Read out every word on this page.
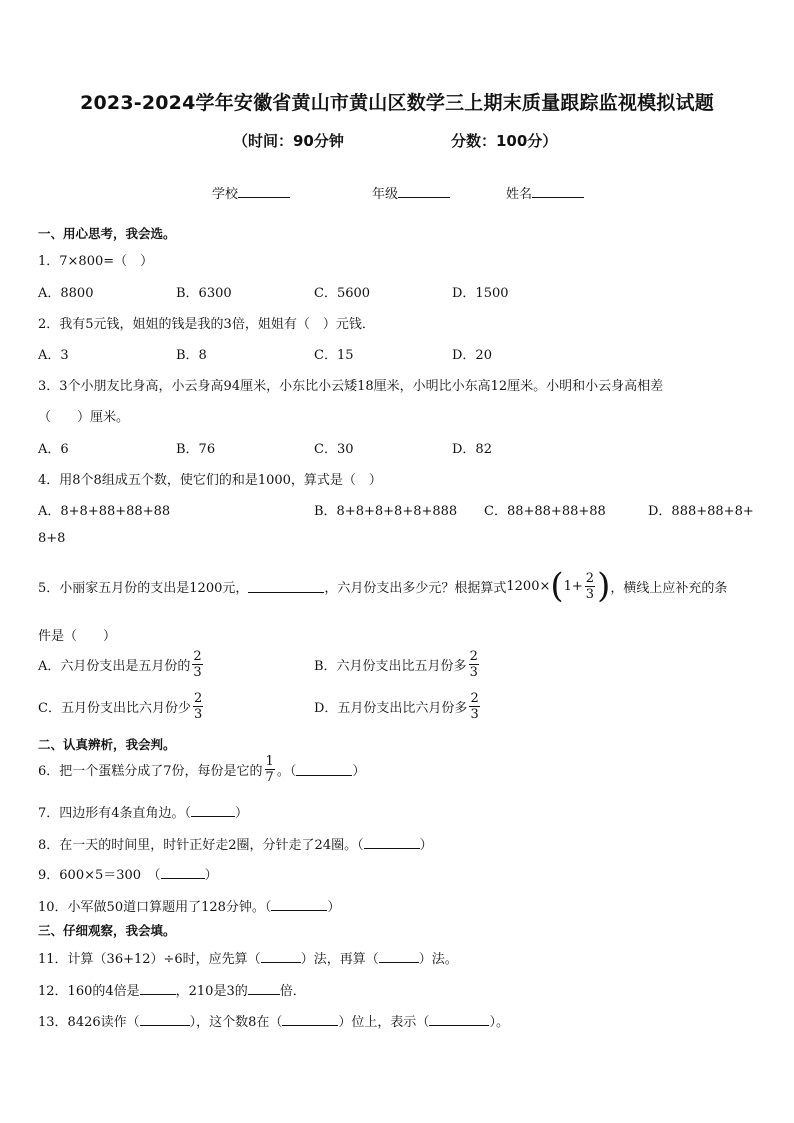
2023-2024学年安徽省黄山市黄山区数学三上期末质量跟踪监视模拟试题
（时间：90分钟	分数：100分）
学校	年级	姓名
一、用心思考，我会选。
1．7×800=（　）
A．8800	B．6300	C．5600	D．1500
2．我有5元钱，姐姐的钱是我的3倍，姐姐有（　）元钱．
A．3	B．8	C．15	D．20
3．3个小朋友比身高，小云身高94厘米，小东比小云矮18厘米，小明比小东高12厘米。小明和小云身高相差
（　　）厘米。
A．6	B．76	C．30	D．82
4．用8个8组成五个数，使它们的和是1000，算式是（　）
A．8+8+88+88+88	B．8+8+8+8+8+888 C．88+88+88+88	D．888+88+8+
8+8
5．小丽家五月份的支出是1200元，	，六月份支出多少元？根据算式 1200× ( $1+ \frac{2}{3}$ ) ，横线上应补充的条
件是（　　）
A．六月份支出是五月份的 $\frac{2}{3}$	B．六月份支出比五月份多 $\frac{2}{3}$
C．五月份支出比六月份少 $\frac{2}{3}$	D．五月份支出比六月份多 $\frac{2}{3}$
二、认真辨析，我会判。
6．把一个蛋糕分成了7份，每份是它的 $\frac{1}{7}$ 。（	）
7．四边形有4条直角边。（	）
8．在一天的时间里，时针正好走2圈，分针走了24圈。（	）
9．600×5＝300　（	）
10．小军做50道口算题用了128分钟。（	）
三、仔细观察，我会填。
11．计算（36+12）÷6时，应先算（	）法，再算（	）法。
12．160的4倍是	，210是3的 倍．
13．8426读作（	），这个数8在（	）位上，表示（	）。
